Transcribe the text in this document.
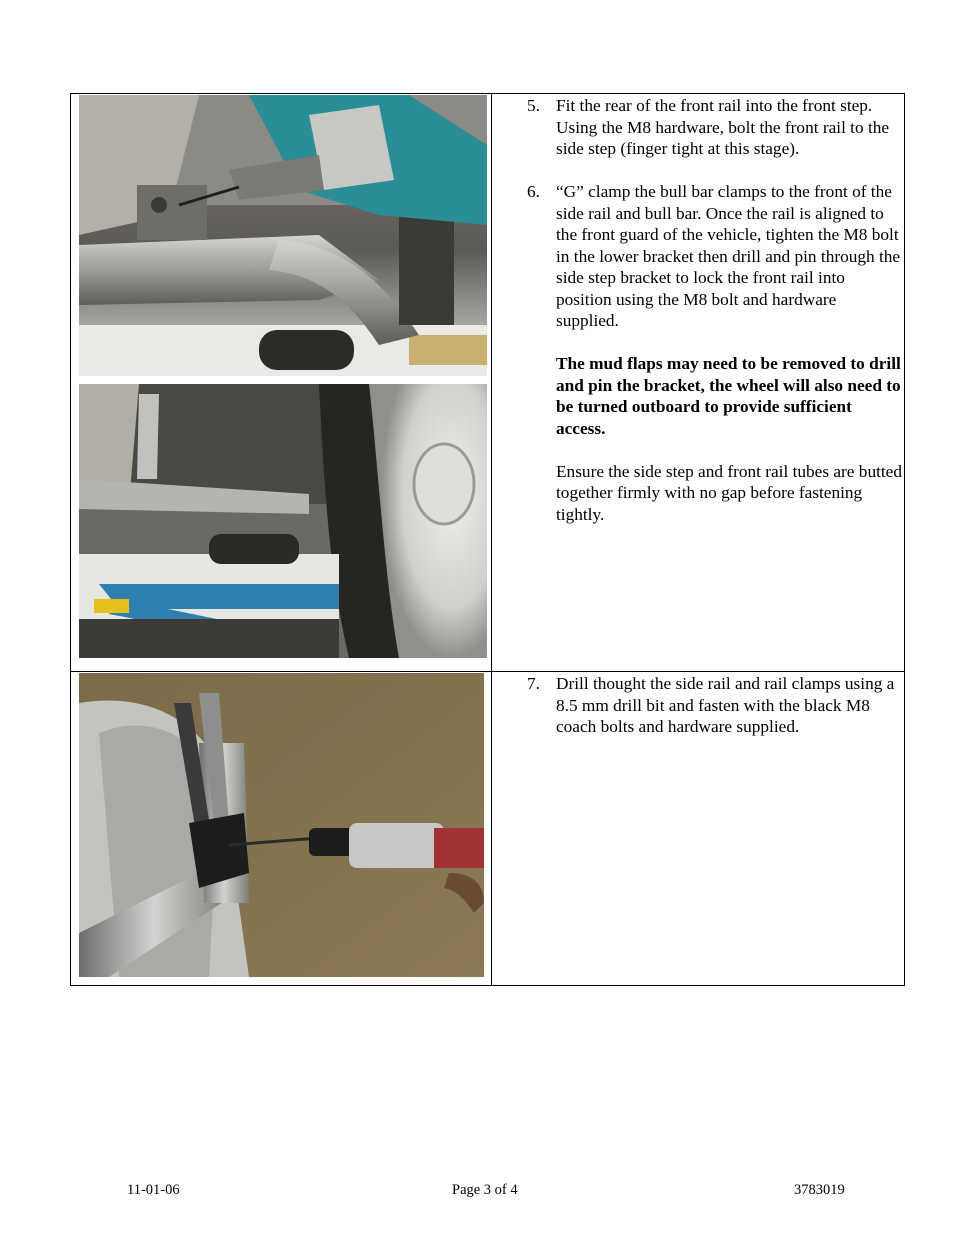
5. Fit the rear of the front rail into the front step. Using the M8 hardware, bolt the front rail to the side step (finger tight at this stage).
6. “G” clamp the bull bar clamps to the front of the side rail and bull bar. Once the rail is aligned to the front guard of the vehicle, tighten the M8 bolt in the lower bracket then drill and pin through the side step bracket to lock the front rail into position using the M8 bolt and hardware supplied.
The mud flaps may need to be removed to drill and pin the bracket, the wheel will also need to be turned outboard to provide sufficient access.
Ensure the side step and front rail tubes are butted together firmly with no gap before fastening tightly.
7. Drill thought the side rail and rail clamps using a 8.5 mm drill bit and fasten with the black M8 coach bolts and hardware supplied.
11-01-06	Page 3 of 4	3783019
